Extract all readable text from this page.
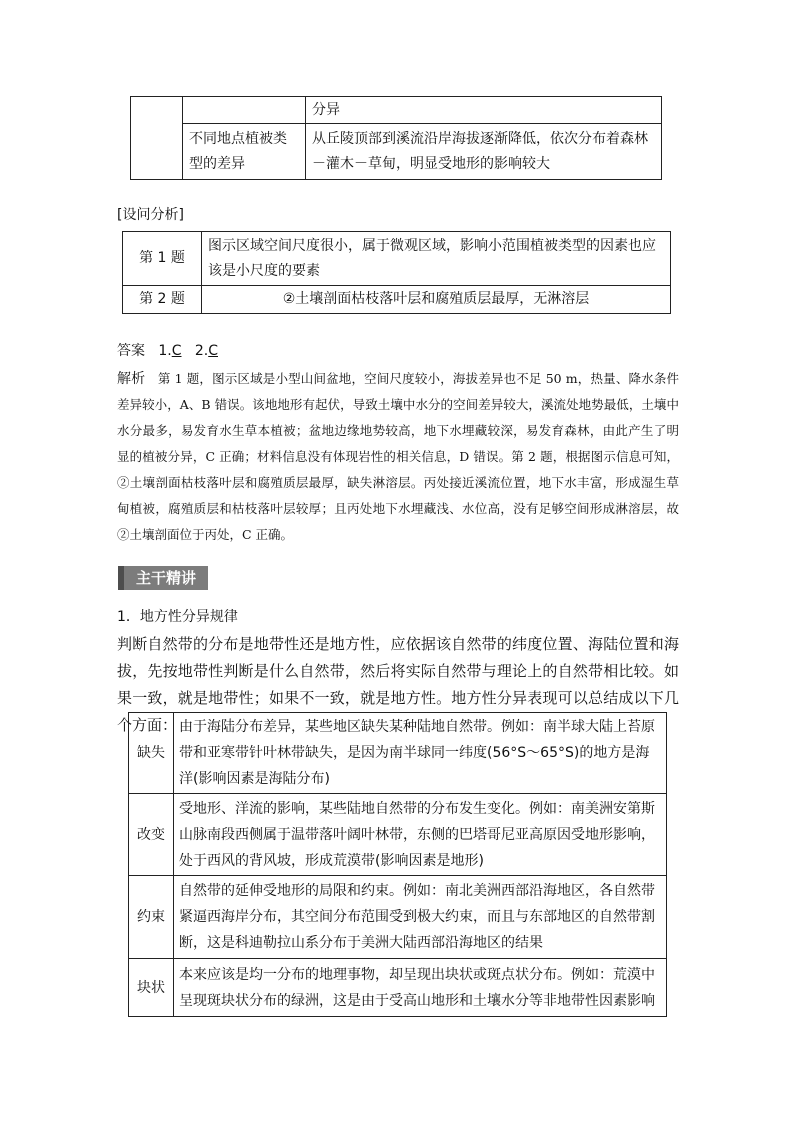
		分异
	不同地点植被类型的差异	从丘陵顶部到溪流沿岸海拔逐渐降低，依次分布着森林－灌木－草甸，明显受地形的影响较大
[设问分析]
第 1 题	图示区域空间尺度很小，属于微观区域，影响小范围植被类型的因素也应该是小尺度的要素
第 2 题	②土壤剖面枯枝落叶层和腐殖质层最厚，无淋溶层
答案 1.C 2.C
解析 第 1 题，图示区域是小型山间盆地，空间尺度较小，海拔差异也不足 50 m，热量、降水条件差异较小，A、B 错误。该地地形有起伏，导致土壤中水分的空间差异较大，溪流处地势最低，土壤中水分最多，易发育水生草本植被；盆地边缘地势较高，地下水埋藏较深，易发育森林，由此产生了明显的植被分异，C 正确；材料信息没有体现岩性的相关信息，D 错误。第 2 题，根据图示信息可知，②土壤剖面枯枝落叶层和腐殖质层最厚，缺失淋溶层。丙处接近溪流位置，地下水丰富，形成湿生草甸植被，腐殖质层和枯枝落叶层较厚；且丙处地下水埋藏浅、水位高，没有足够空间形成淋溶层，故②土壤剖面位于丙处，C 正确。
主干精讲
1．地方性分异规律
判断自然带的分布是地带性还是地方性，应依据该自然带的纬度位置、海陆位置和海拔，先按地带性判断是什么自然带，然后将实际自然带与理论上的自然带相比较。如果一致，就是地带性；如果不一致，就是地方性。地方性分异表现可以总结成以下几个方面：
缺失	由于海陆分布差异，某些地区缺失某种陆地自然带。例如：南半球大陆上苔原带和亚寒带针叶林带缺失，是因为南半球同一纬度(56°S～65°S)的地方是海洋(影响因素是海陆分布)
改变	受地形、洋流的影响，某些陆地自然带的分布发生变化。例如：南美洲安第斯山脉南段西侧属于温带落叶阔叶林带，东侧的巴塔哥尼亚高原因受地形影响，处于西风的背风坡，形成荒漠带(影响因素是地形)
约束	自然带的延伸受地形的局限和约束。例如：南北美洲西部沿海地区，各自然带紧逼西海岸分布，其空间分布范围受到极大约束，而且与东部地区的自然带割断，这是科迪勒拉山系分布于美洲大陆西部沿海地区的结果
块状	本来应该是均一分布的地理事物，却呈现出块状或斑点状分布。例如：荒漠中呈现斑块状分布的绿洲，这是由于受高山地形和土壤水分等非地带性因素影响
